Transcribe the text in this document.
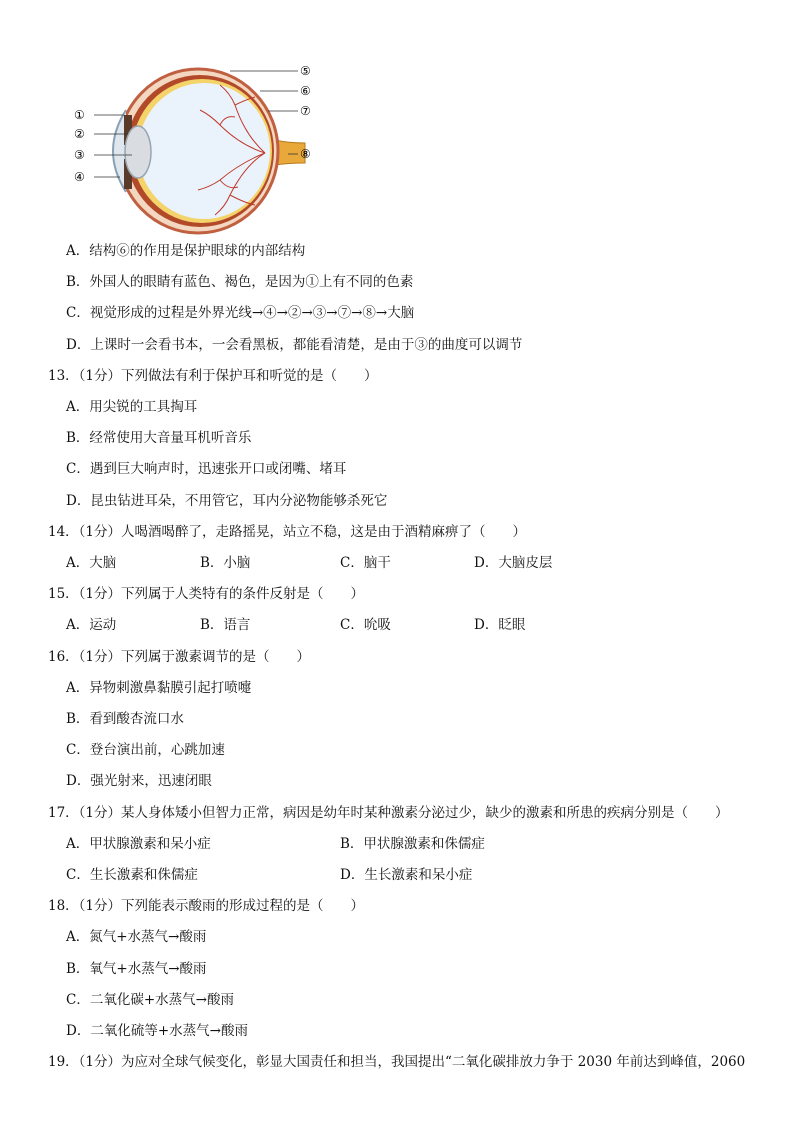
①
②
③
④
⑤
⑥
⑦
⑧
A．结构⑥的作用是保护眼球的内部结构
B．外国人的眼睛有蓝色、褐色，是因为①上有不同的色素
C．视觉形成的过程是外界光线→④→②→③→⑦→⑧→大脑
D．上课时一会看书本，一会看黑板，都能看清楚，是由于③的曲度可以调节
13．（1分）下列做法有利于保护耳和听觉的是（　　）
A．用尖锐的工具掏耳
B．经常使用大音量耳机听音乐
C．遇到巨大响声时，迅速张开口或闭嘴、堵耳
D．昆虫钻进耳朵，不用管它，耳内分泌物能够杀死它
14．（1分）人喝酒喝醉了，走路摇晃，站立不稳，这是由于酒精麻痹了（　　）
A．大脑	B．小脑	C．脑干	D．大脑皮层
15．（1分）下列属于人类特有的条件反射是（　　）
A．运动	B．语言	C．吮吸	D．眨眼
16．（1分）下列属于激素调节的是（　　）
A．异物刺激鼻黏膜引起打喷嚏
B．看到酸杏流口水
C．登台演出前，心跳加速
D．强光射来，迅速闭眼
17．（1分）某人身体矮小但智力正常，病因是幼年时某种激素分泌过少，缺少的激素和所患的疾病分别是（　　）
A．甲状腺激素和呆小症	B．甲状腺激素和侏儒症
C．生长激素和侏儒症	D．生长激素和呆小症
18．（1分）下列能表示酸雨的形成过程的是（　　）
A．氮气+水蒸气→酸雨
B．氧气+水蒸气→酸雨
C．二氧化碳+水蒸气→酸雨
D．二氧化硫等+水蒸气→酸雨
19．（1分）为应对全球气候变化，彰显大国责任和担当，我国提出“二氧化碳排放力争于 2030 年前达到峰值，2060
